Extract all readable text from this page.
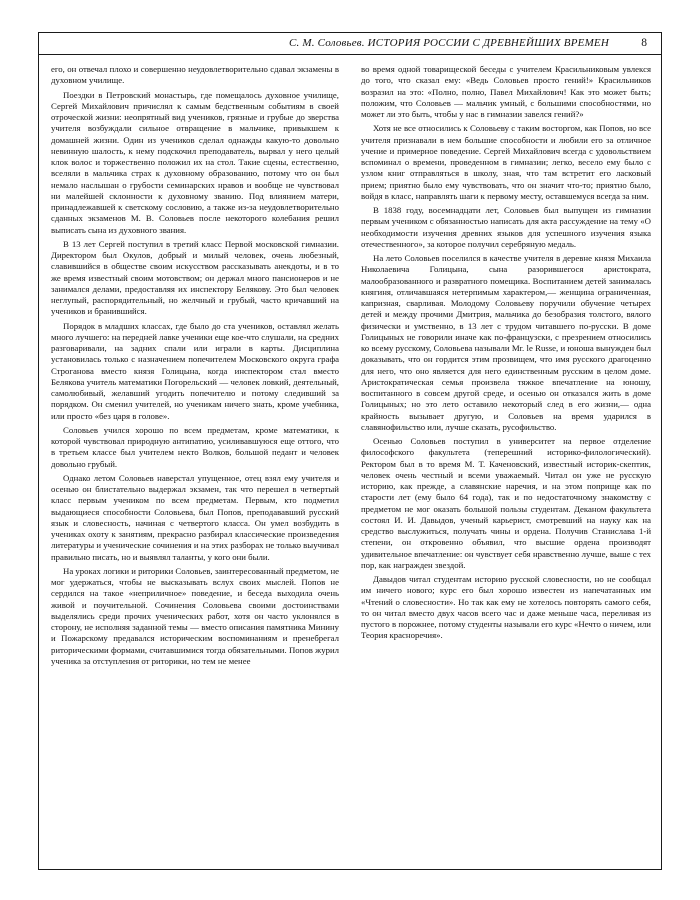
С. М. Соловьев. ИСТОРИЯ РОССИИ С ДРЕВНЕЙШИХ ВРЕМЕН	8

его, он отвечал плохо и совершенно неудовлетворительно сдавал экзамены в духовном училище.

Поездки в Петровский монастырь, где помещалось духовное училище, Сергей Михайлович причислял к самым бедственным событиям в своей отроческой жизни: неопрятный вид учеников, грязные и грубые до зверства учителя возбуждали сильное отвращение в мальчике, привыкшем к домашней жизни. Один из учеников сделал однажды какую-то довольно невинную шалость, к нему подскочил преподаватель, вырвал у него целый клок волос и торжественно положил их на стол. Такие сцены, естественно, вселяли в мальчика страх к духовному образованию, потому что он был немало наслышан о грубости семинарских нравов и вообще не чувствовал ни малейшей склонности к духовному званию. Под влиянием матери, принадлежавшей к светскому сословию, а также из-за неудовлетворительно сданных экзаменов М. В. Соловьев после некоторого колебания решил выписать сына из духовного звания.

В 13 лет Сергей поступил в третий класс Первой московской гимназии. Директором был Окулов, добрый и милый человек, очень любезный, славившийся в обществе своим искусством рассказывать анекдоты, и в то же время известный своим мотовством; он держал много пансионеров и не занимался делами, предоставляя их инспектору Белякову. Это был человек неглупый, распорядительный, но желчный и грубый, часто кричавший на учеников и бранившийся.

Порядок в младших классах, где было до ста учеников, оставлял желать много лучшего: на передней лавке ученики еще кое-что слушали, на средних разговаривали, на задних спали или играли в карты. Дисциплина установилась только с назначением попечителем Московского округа графа Строганова вместо князя Голицына, когда инспектором стал вместо Белякова учитель математики Погорельский — человек ловкий, деятельный, самолюбивый, желавший угодить попечителю и потому следивший за порядком. Он сменил учителей, но ученикам ничего знать, кроме учебника, или просто «без царя в голове».

Соловьев учился хорошо по всем предметам, кроме математики, к которой чувствовал природную антипатию, усиливавшуюся еще оттого, что в третьем классе был учителем некто Волков, большой педант и человек довольно грубый.

Однако летом Соловьев наверстал упущенное, отец взял ему учителя и осенью он блистательно выдержал экзамен, так что перешел в четвертый класс первым учеником по всем предметам. Первым, кто подметил выдающиеся способности Соловьева, был Попов, преподававший русский язык и словесность, начиная с четвертого класса. Он умел возбудить в учениках охоту к занятиям, прекрасно разбирал классические произведения литературы и ученические сочинения и на этих разборах не только выучивал правильно писать, но и выявлял таланты, у кого они были.

На уроках логики и риторики Соловьев, заинтересованный предметом, не мог удержаться, чтобы не высказывать вслух своих мыслей. Попов не сердился на такое «неприличное» поведение, и беседа выходила очень живой и поучительной. Сочинения Соловьева своими достоинствами выделялись среди прочих ученических работ, хотя он часто уклонялся в сторону, не исполняя заданной темы — вместо описания памятника Минину и Пожарскому предавался историческим воспоминаниям и пренебрегал риторическими формами, считавшимися тогда обязательными. Попов журил ученика за отступления от риторики, но тем не менее

во время одной товарищеской беседы с учителем Красильниковым увлекся до того, что сказал ему: «Ведь Соловьев просто гений!» Красильников возразил на это: «Полно, полно, Павел Михайлович! Как это может быть; положим, что Соловьев — мальчик умный, с большими способностями, но может ли это быть, чтобы у нас в гимназии завелся гений?»

Хотя не все относились к Соловьеву с таким восторгом, как Попов, но все учителя признавали в нем большие способности и любили его за отличное учение и примерное поведение. Сергей Михайлович всегда с удовольствием вспоминал о времени, проведенном в гимназии; легко, весело ему было с узлом книг отправляться в школу, зная, что там встретит его ласковый прием; приятно было ему чувствовать, что он значит что-то; приятно было, войдя в класс, направлять шаги к первому месту, оставшемуся всегда за ним.

В 1838 году, восемнадцати лет, Соловьев был выпущен из гимназии первым учеником с обязанностью написать для акта рассуждение на тему «О необходимости изучения древних языков для успешного изучения языка отечественного», за которое получил серебряную медаль.

На лето Соловьев поселился в качестве учителя в деревне князя Михаила Николаевича Голицына, сына разорившегося аристократа, малообразованного и развратного помещика. Воспитанием детей занималась княгиня, отличавшаяся нетерпимым характером,— женщина ограниченная, капризная, сварливая. Молодому Соловьеву поручили обучение четырех детей и между прочими Дмитрия, мальчика до безобразия толстого, вялого физически и умственно, в 13 лет с трудом читавшего по-русски. В доме Голицыных не говорили иначе как по-французски, с презрением относились ко всему русскому, Соловьева называли Mr. le Russe, и юноша вынужден был доказывать, что он гордится этим прозвищем, что имя русского драгоценно для него, что оно является для него единственным русским в целом доме. Аристократическая семья произвела тяжкое впечатление на юношу, воспитанного в совсем другой среде, и осенью он отказался жить в доме Голицыных; но это лето оставило некоторый след в его жизни,— одна крайность вызывает другую, и Соловьев на время ударился в славянофильство или, лучше сказать, русофильство.

Осенью Соловьев поступил в университет на первое отделение философского факультета (теперешний историко-филологический). Ректором был в то время М. Т. Каченовский, известный историк-скептик, человек очень честный и всеми уважаемый. Читал он уже не русскую историю, как прежде, а славянские наречия, и на этом поприще как по старости лет (ему было 64 года), так и по недостаточному знакомству с предметом не мог оказать большой пользы студентам. Деканом факультета состоял И. И. Давыдов, ученый карьерист, смотревший на науку как на средство выслужиться, получать чины и ордена. Получив Станислава 1-й степени, он откровенно объявил, что высшие ордена производят удивительное впечатление: он чувствует себя нравственно лучше, выше с тех пор, как награжден звездой.

Давыдов читал студентам историю русской словесности, но не сообщал им ничего нового; курс его был хорошо известен из напечатанных им «Чтений о словесности». Но так как ему не хотелось повторять самого себя, то он читал вместо двух часов всего час и даже меньше часа, переливая из пустого в порожнее, потому студенты называли его курс «Нечто о ничем, или Теория красноречия».
